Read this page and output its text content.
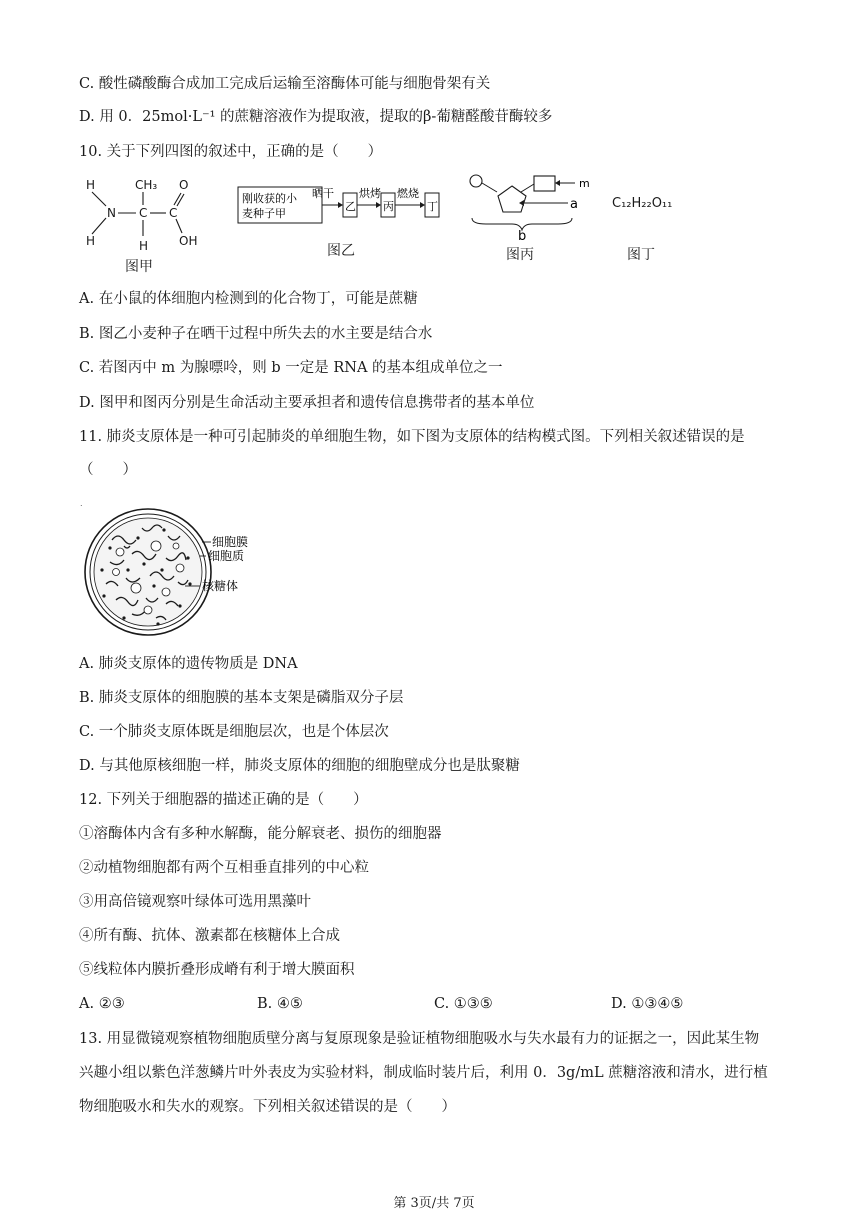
C. 酸性磷酸酶合成加工完成后运输至溶酶体可能与细胞骨架有关
D. 用 0．25mol·L⁻¹ 的蔗糖溶液作为提取液，提取的β-葡糖醛酸苷酶较多
10. 关于下列四图的叙述中，正确的是（　　）
H
H
N
CH₃
C C
O
H	OH
图甲
刚收获的小
麦种子甲
晒干
乙
烘烤
丙
燃烧
丁
图乙
m
a
b
图丙
C₁₂H₂₂O₁₁
图丁
A. 在小鼠的体细胞内检测到的化合物丁，可能是蔗糖
B. 图乙小麦种子在晒干过程中所失去的水主要是结合水
C. 若图丙中 m 为腺嘌呤，则 b 一定是 RNA 的基本组成单位之一
D. 图甲和图丙分别是生命活动主要承担者和遗传信息携带者的基本单位
11. 肺炎支原体是一种可引起肺炎的单细胞生物，如下图为支原体的结构模式图。下列相关叙述错误的是
（　　）
.
细胞膜
细胞质
核糖体
A. 肺炎支原体的遗传物质是 DNA
B. 肺炎支原体的细胞膜的基本支架是磷脂双分子层
C. 一个肺炎支原体既是细胞层次，也是个体层次
D. 与其他原核细胞一样，肺炎支原体的细胞的细胞壁成分也是肽聚糖
12. 下列关于细胞器的描述正确的是（　　）
①溶酶体内含有多种水解酶，能分解衰老、损伤的细胞器
②动植物细胞都有两个互相垂直排列的中心粒
③用高倍镜观察叶绿体可选用黑藻叶
④所有酶、抗体、激素都在核糖体上合成
⑤线粒体内膜折叠形成嵴有利于增大膜面积
A. ②③	B. ④⑤	C. ①③⑤	D. ①③④⑤
13. 用显微镜观察植物细胞质壁分离与复原现象是验证植物细胞吸水与失水最有力的证据之一，因此某生物
兴趣小组以紫色洋葱鳞片叶外表皮为实验材料，制成临时装片后，利用 0．3g/mL 蔗糖溶液和清水，进行植
物细胞吸水和失水的观察。下列相关叙述错误的是（　　）
第 3页/共 7页
